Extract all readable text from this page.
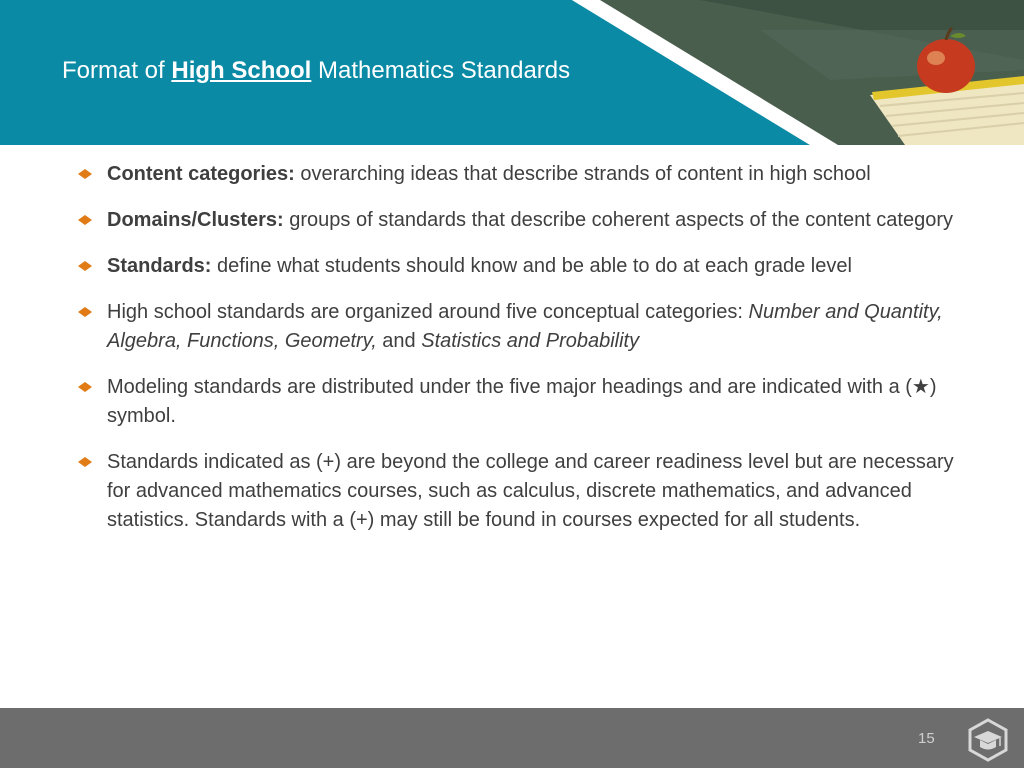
Format of High School Mathematics Standards
Content categories: overarching ideas that describe strands of content in high school
Domains/Clusters: groups of standards that describe coherent aspects of the content category
Standards: define what students should know and be able to do at each grade level
High school standards are organized around five conceptual categories: Number and Quantity, Algebra, Functions, Geometry, and Statistics and Probability
Modeling standards are distributed under the five major headings and are indicated with a (★) symbol.
Standards indicated as (+) are beyond the college and career readiness level but are necessary for advanced mathematics courses, such as calculus, discrete mathematics, and advanced statistics. Standards with a (+) may still be found in courses expected for all students.
15
